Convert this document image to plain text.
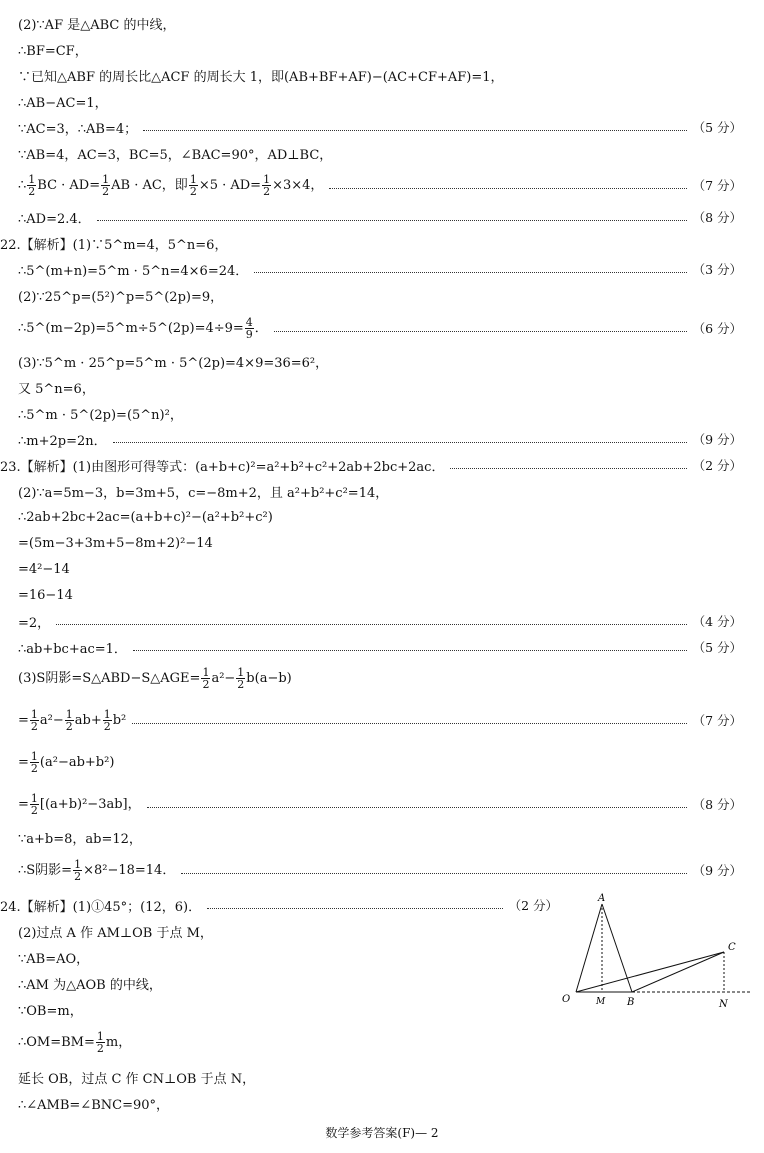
(2)∵AF 是△ABC 的中线，
∴BF=CF，
∵已知△ABF 的周长比△ACF 的周长大 1，即(AB+BF+AF)−(AC+CF+AF)=1，
∴AB−AC=1，
∵AC=3，∴AB=4；	（5 分）
∵AB=4，AC=3，BC=5，∠BAC=90°，AD⊥BC，
∴ $\frac{1}{2}$ BC · $AD= \frac{1}{2}$ AB · AC，即 $\frac{1}{2} \times 5 \cdot AD= \frac{1}{2} \times 3\times 4$，	（7 分）
∴AD=2.4．	（8 分）
22.【解析】(1)∵5^m=4，5^n=6，
∴5^(m+n)=5^m · 5^n=4×6=24．	（3 分）
(2)∵25^p=(5²)^p=5^(2p)=9，
∴5^(m−2p)=5^m÷5^(2p)=4÷9= $\frac{4}{9}$ ．	（6 分）
(3)∵5^m · 25^p=5^m · 5^(2p)=4×9=36=6²，
又 5^n=6，
∴5^m · 5^(2p)=(5^n)²，
∴m+2p=2n．	（9 分）
23.【解析】(1)由图形可得等式：(a+b+c)²=a²+b²+c²+2ab+2bc+2ac．	（2 分）
(2)∵a=5m−3，b=3m+5，c=−8m+2，且 a²+b²+c²=14，
∴2ab+2bc+2ac=(a+b+c)²−(a²+b²+c²)
=(5m−3+3m+5−8m+2)²−14
=4²−14
=16−14
=2，	（4 分）
∴ab+bc+ac=1．	（5 分）
(3)S阴影=S△ABD−S△AGE= $\frac{1}{2} a^2- \frac{1}{2} b(a-b)$
= $\frac{1}{2} a^2- \frac{1}{2} ab+ \frac{1}{2} b^2$	（7 分）
= $\frac{1}{2} (a^2-ab+b^2)$
= $\frac{1}{2} [(a+b)^2-3ab]$，	（8 分）
∵a+b=8，ab=12，
∴S阴影= $\frac{1}{2} \times 8^2-18=14$．	（9 分）
24.【解析】(1)①45°；(12，6)．	（2 分）
(2)过点 A 作 AM⊥OB 于点 M，
∵AB=AO，
∴AM 为△AOB 的中线，
∵OB=m，
∴OM=BM= $\frac{1}{2}$ m，
延长 OB，过点 C 作 CN⊥OB 于点 N，
∴∠AMB=∠BNC=90°，
A
C
O	M B	N
数学参考答案(F)— 2
